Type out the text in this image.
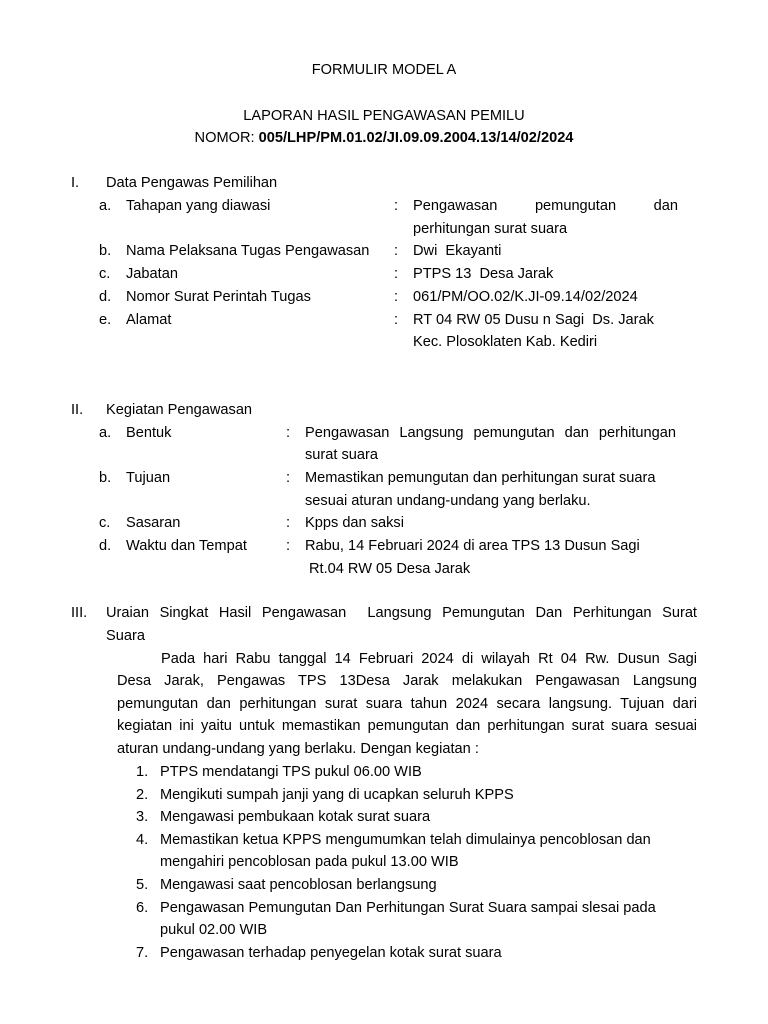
FORMULIR MODEL A
LAPORAN HASIL PENGAWASAN PEMILU
NOMOR: 005/LHP/PM.01.02/JI.09.09.2004.13/14/02/2024
I. Data Pengawas Pemilihan
a. Tahapan yang diawasi	: Pengawasan pemungutan dan
perhitungan surat suara
b. Nama Pelaksana Tugas Pengawasan : Dwi  Ekayanti
c. Jabatan	: PTPS 13  Desa Jarak
d. Nomor Surat Perintah Tugas	: 061/PM/OO.02/K.JI-09.14/02/2024
e. Alamat	: RT 04 RW 05 Dusu n Sagi  Ds. Jarak
Kec. Plosoklaten Kab. Kediri
II. Kegiatan Pengawasan
a. Bentuk	: Pengawasan Langsung pemungutan dan perhitungan
surat suara
b. Tujuan	: Memastikan pemungutan dan perhitungan surat suara
sesuai aturan undang-undang yang berlaku.
c. Sasaran	: Kpps dan saksi
d. Waktu dan Tempat	: Rabu, 14 Februari 2024 di area TPS 13 Dusun Sagi
Rt.04 RW 05 Desa Jarak
III. Uraian Singkat Hasil Pengawasan  Langsung Pemungutan Dan Perhitungan Surat
Suara
Pada hari Rabu tanggal 14 Februari 2024 di wilayah Rt 04 Rw. Dusun Sagi
Desa Jarak, Pengawas TPS 13Desa Jarak melakukan Pengawasan Langsung
pemungutan dan perhitungan surat suara tahun 2024 secara langsung. Tujuan dari
kegiatan ini yaitu untuk memastikan pemungutan dan perhitungan surat suara sesuai
aturan undang-undang yang berlaku. Dengan kegiatan :
1. PTPS mendatangi TPS pukul 06.00 WIB
2. Mengikuti sumpah janji yang di ucapkan seluruh KPPS
3. Mengawasi pembukaan kotak surat suara
4. Memastikan ketua KPPS mengumumkan telah dimulainya pencoblosan dan
mengahiri pencoblosan pada pukul 13.00 WIB
5. Mengawasi saat pencoblosan berlangsung
6. Pengawasan Pemungutan Dan Perhitungan Surat Suara sampai slesai pada
pukul 02.00 WIB
7. Pengawasan terhadap penyegelan kotak surat suara
